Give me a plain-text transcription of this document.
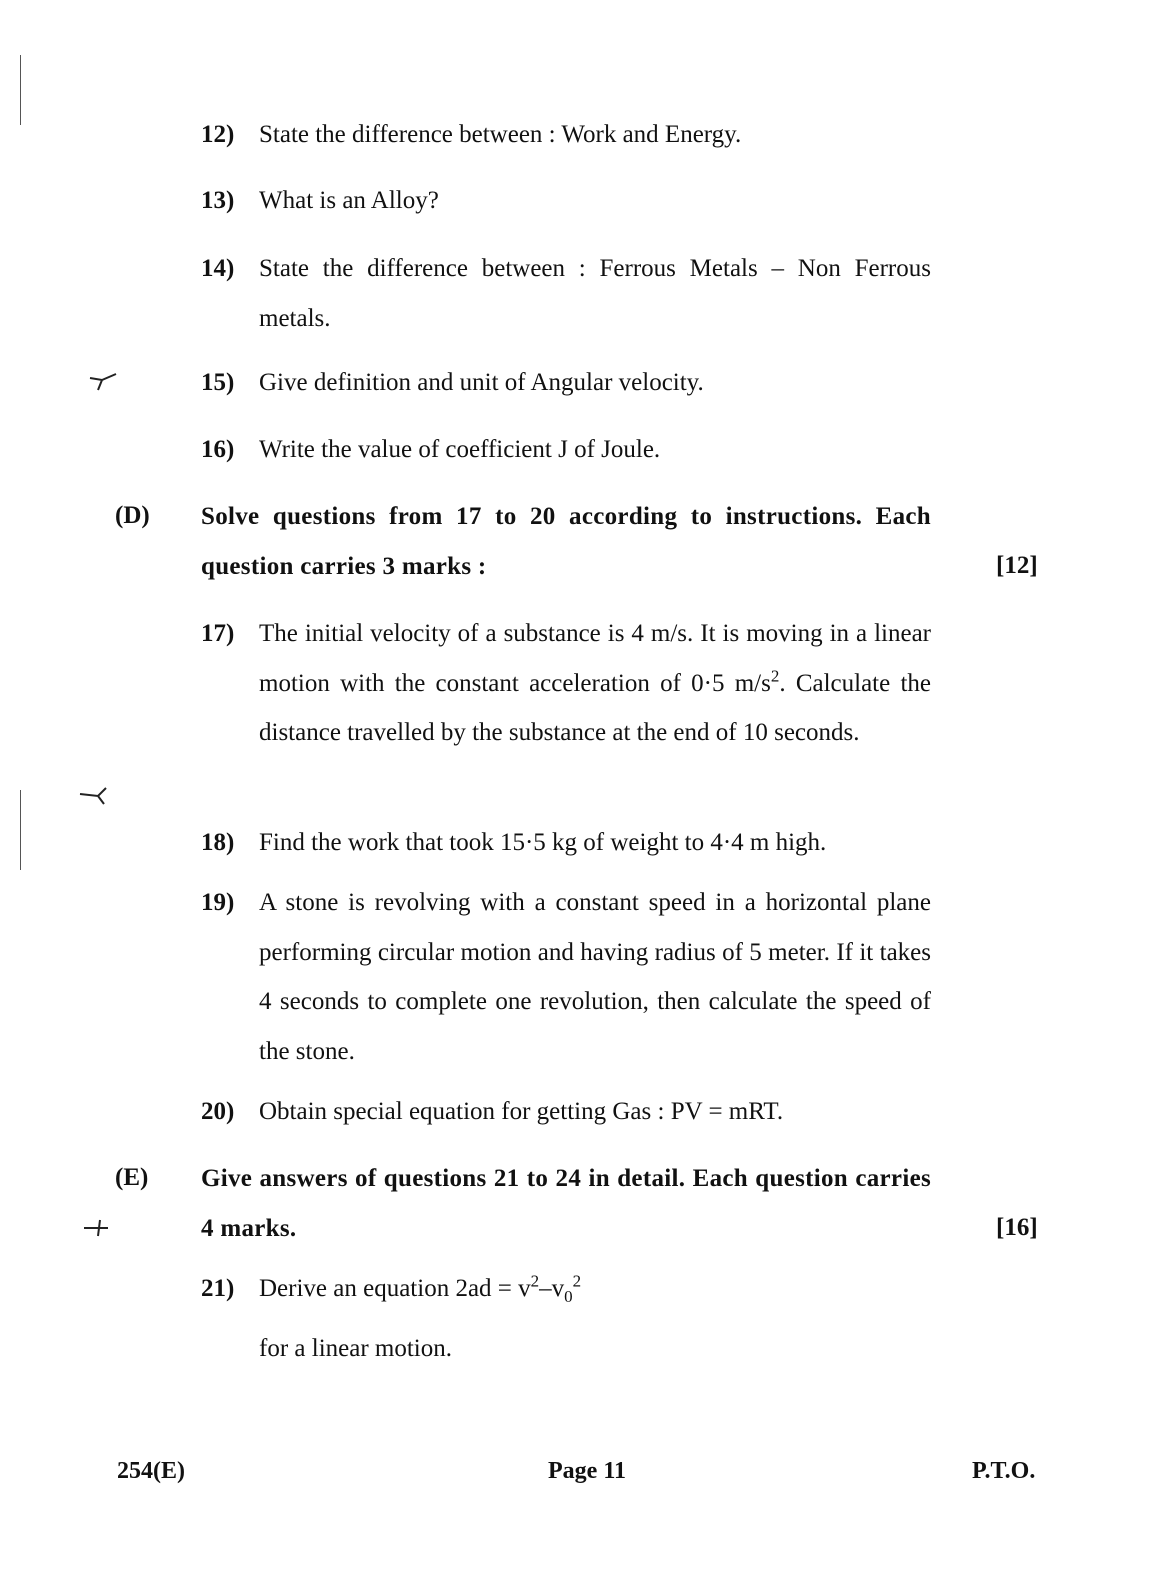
12) State the difference between : Work and Energy.
13) What is an Alloy?
14) State the difference between : Ferrous Metals – Non Ferrous metals.
15) Give definition and unit of Angular velocity.
16) Write the value of coefficient J of Joule.
(D) Solve questions from 17 to 20 according to instructions. Each question carries 3 marks :	[12]
17) The initial velocity of a substance is 4 m/s. It is moving in a linear motion with the constant acceleration of 0·5 $m/s^2$. Calculate the distance travelled by the substance at the end of 10 seconds.
18) Find the work that took 15·5 kg of weight to 4·4 m high.
19) A stone is revolving with a constant speed in a horizontal plane performing circular motion and having radius of 5 meter. If it takes 4 seconds to complete one revolution, then calculate the speed of the stone.
20) Obtain special equation for getting Gas : PV = mRT.
(E) Give answers of questions 21 to 24 in detail. Each question carries 4 marks.	[16]
21) Derive an equation $2ad = v^2-v_0^2$
for a linear motion.
254(E)	Page 11	P.T.O.
